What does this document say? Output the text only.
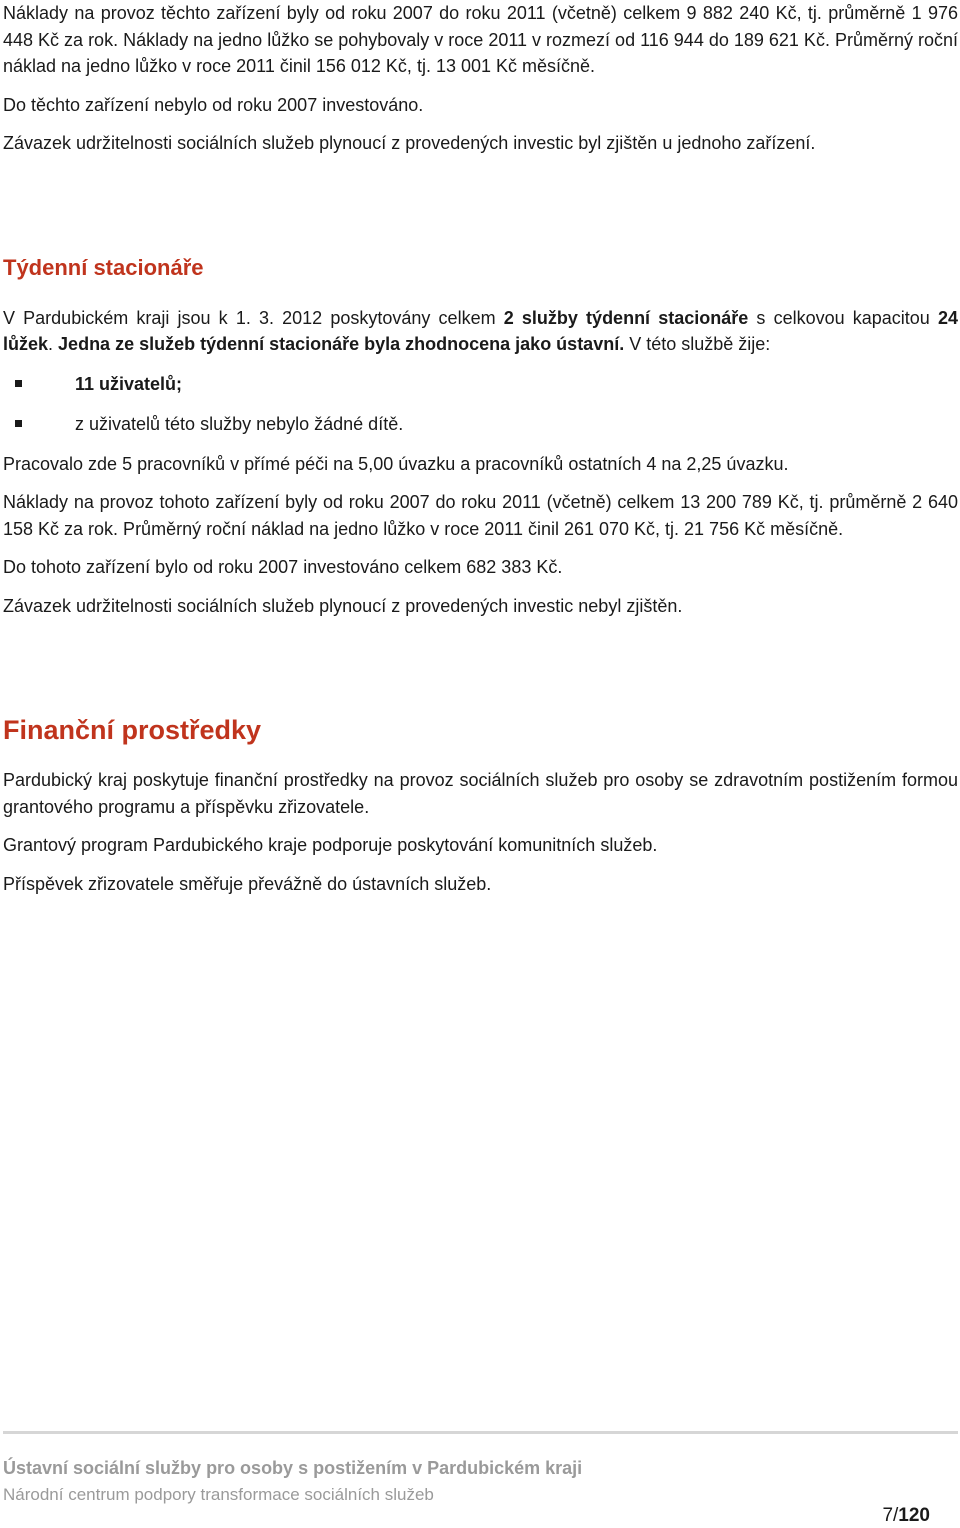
Náklady na provoz těchto zařízení byly od roku 2007 do roku 2011 (včetně) celkem 9 882 240 Kč, tj. průměrně 1 976 448 Kč za rok. Náklady na jedno lůžko se pohybovaly v roce 2011 v rozmezí od 116 944 do 189 621 Kč. Průměrný roční náklad na jedno lůžko v roce 2011 činil 156 012 Kč, tj. 13 001 Kč měsíčně.

Do těchto zařízení nebylo od roku 2007 investováno.

Závazek udržitelnosti sociálních služeb plynoucí z provedených investic byl zjištěn u jednoho zařízení.

Týdenní stacionáře

V Pardubickém kraji jsou k 1. 3. 2012 poskytovány celkem 2 služby týdenní stacionáře s celkovou kapacitou 24 lůžek. Jedna ze služeb týdenní stacionáře byla zhodnocena jako ústavní. V této službě žije:

11 uživatelů;
z uživatelů této služby nebylo žádné dítě.

Pracovalo zde 5 pracovníků v přímé péči na 5,00 úvazku a pracovníků ostatních 4 na 2,25 úvazku.

Náklady na provoz tohoto zařízení byly od roku 2007 do roku 2011 (včetně) celkem 13 200 789 Kč, tj. průměrně 2 640 158 Kč za rok. Průměrný roční náklad na jedno lůžko v roce 2011 činil 261 070 Kč, tj. 21 756 Kč měsíčně.

Do tohoto zařízení bylo od roku 2007 investováno celkem 682 383 Kč.

Závazek udržitelnosti sociálních služeb plynoucí z provedených investic nebyl zjištěn.

Finanční prostředky

Pardubický kraj poskytuje finanční prostředky na provoz sociálních služeb pro osoby se zdravotním postižením formou grantového programu a příspěvku zřizovatele.

Grantový program Pardubického kraje podporuje poskytování komunitních služeb.

Příspěvek zřizovatele směřuje převážně do ústavních služeb.

Ústavní sociální služby pro osoby s postižením v Pardubickém kraji
Národní centrum podpory transformace sociálních služeb
7/120
